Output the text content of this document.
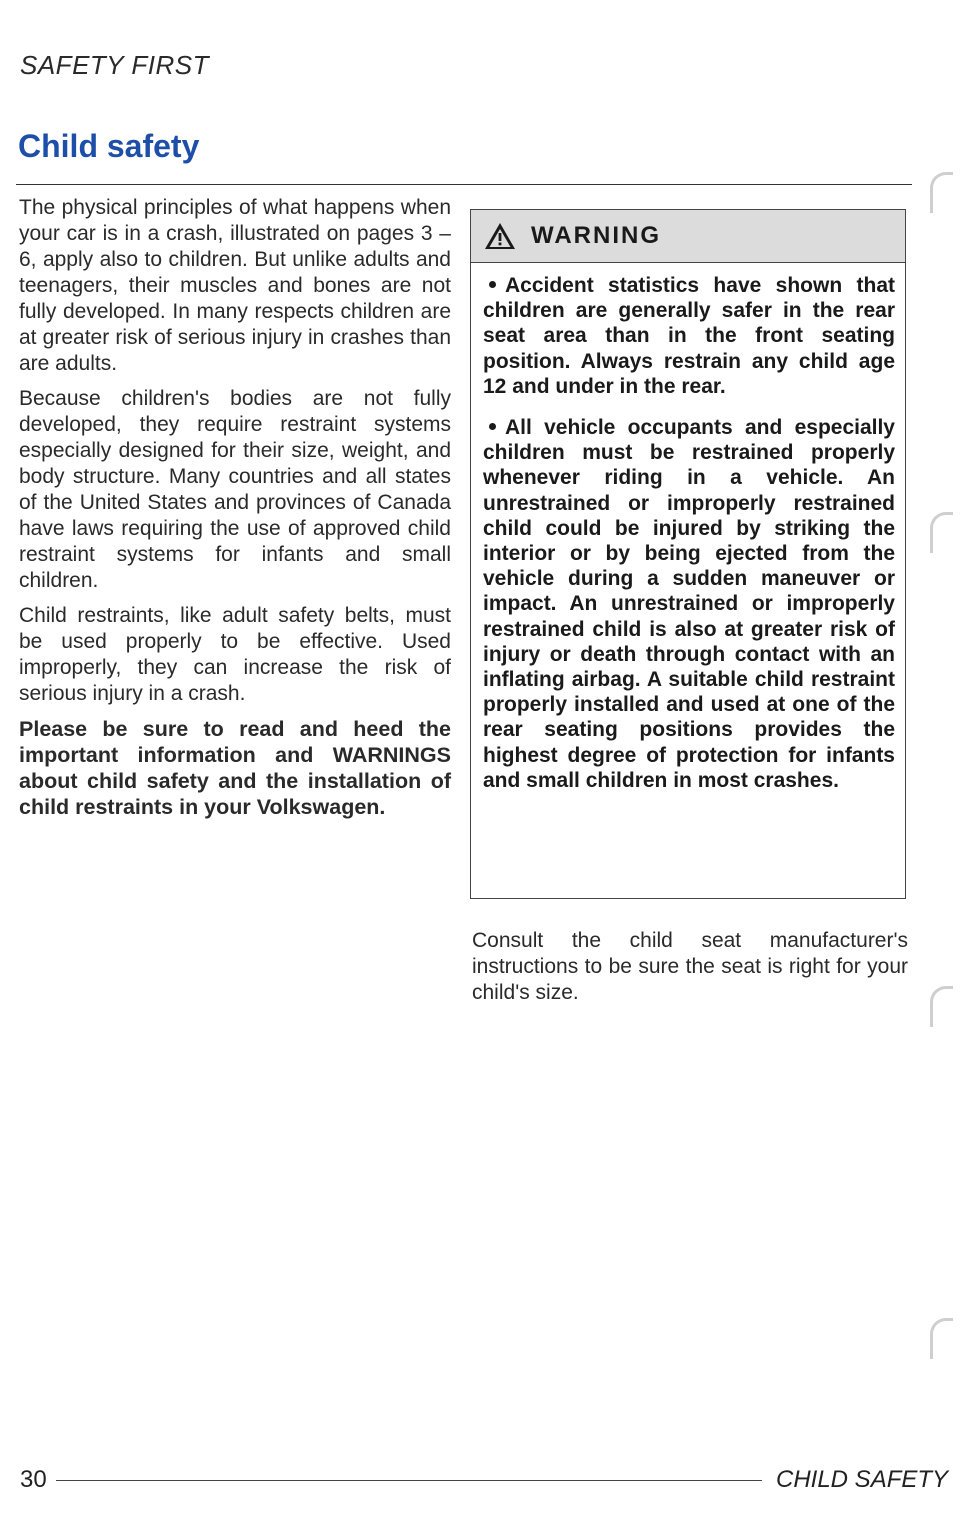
SAFETY FIRST
Child safety

The physical principles of what happens when your car is in a crash, illustrated on pages 3 – 6, apply also to children. But unlike adults and teenagers, their muscles and bones are not fully developed. In many respects children are at greater risk of serious injury in crashes than are adults.

Because children's bodies are not fully developed, they require restraint systems especially designed for their size, weight, and body structure. Many countries and all states of the United States and provinces of Canada have laws requiring the use of approved child restraint systems for infants and small children.

Child restraints, like adult safety belts, must be used properly to be effective. Used improperly, they can increase the risk of serious injury in a crash.

Please be sure to read and heed the important information and WARNINGS about child safety and the installation of child restraints in your Volkswagen.

WARNING

Accident statistics have shown that children are generally safer in the rear seat area than in the front seating position. Always restrain any child age 12 and under in the rear.

All vehicle occupants and especially children must be restrained properly whenever riding in a vehicle. An unrestrained or improperly restrained child could be injured by striking the interior or by being ejected from the vehicle during a sudden maneuver or impact. An unrestrained or improperly restrained child is also at greater risk of injury or death through contact with an inflating airbag. A suitable child restraint properly installed and used at one of the rear seating positions provides the highest degree of protection for infants and small children in most crashes.

Consult the child seat manufacturer's instructions to be sure the seat is right for your child's size.
30	CHILD SAFETY
